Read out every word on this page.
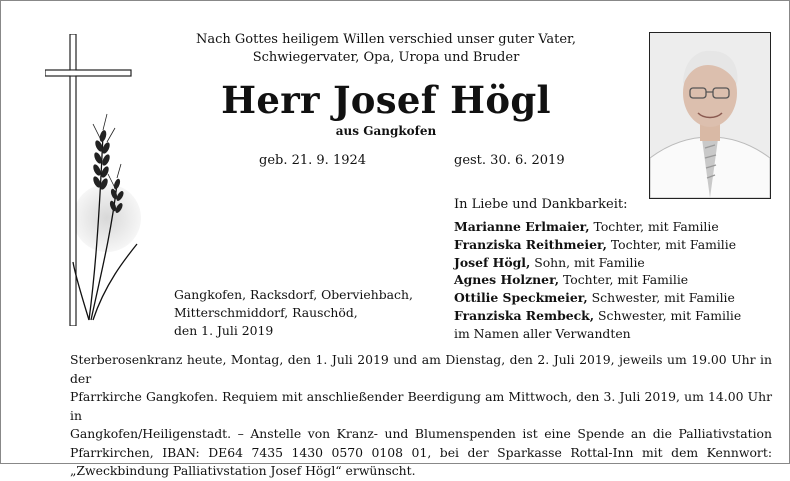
Nach Gottes heiligem Willen verschied unser guter Vater,
Schwiegervater, Opa, Uropa und Bruder
Herr Josef Högl
aus Gangkofen
geb. 21. 9. 1924	gest. 30. 6. 2019
In Liebe und Dankbarkeit:
Marianne Erlmaier, Tochter, mit Familie
Franziska Reithmeier, Tochter, mit Familie
Josef Högl, Sohn, mit Familie
Agnes Holzner, Tochter, mit Familie
Ottilie Speckmeier, Schwester, mit Familie
Franziska Rembeck, Schwester, mit Familie
im Namen aller Verwandten
Gangkofen, Racksdorf, Oberviehbach,
Mitterschmiddorf, Rauschöd,
den 1. Juli 2019
Sterberosenkranz heute, Montag, den 1. Juli 2019 und am Dienstag, den 2. Juli 2019, jeweils um 19.00 Uhr in der
Pfarrkirche Gangkofen. Requiem mit anschließender Beerdigung am Mittwoch, den 3. Juli 2019, um 14.00 Uhr in
Gangkofen/Heiligenstadt. – Anstelle von Kranz- und Blumenspenden ist eine Spende an die Palliativstation
Pfarrkirchen, IBAN: DE64 7435 1430 0570 0108 01, bei der Sparkasse Rottal-Inn mit dem Kennwort:
„Zweckbindung Palliativstation Josef Högl“ erwünscht.
